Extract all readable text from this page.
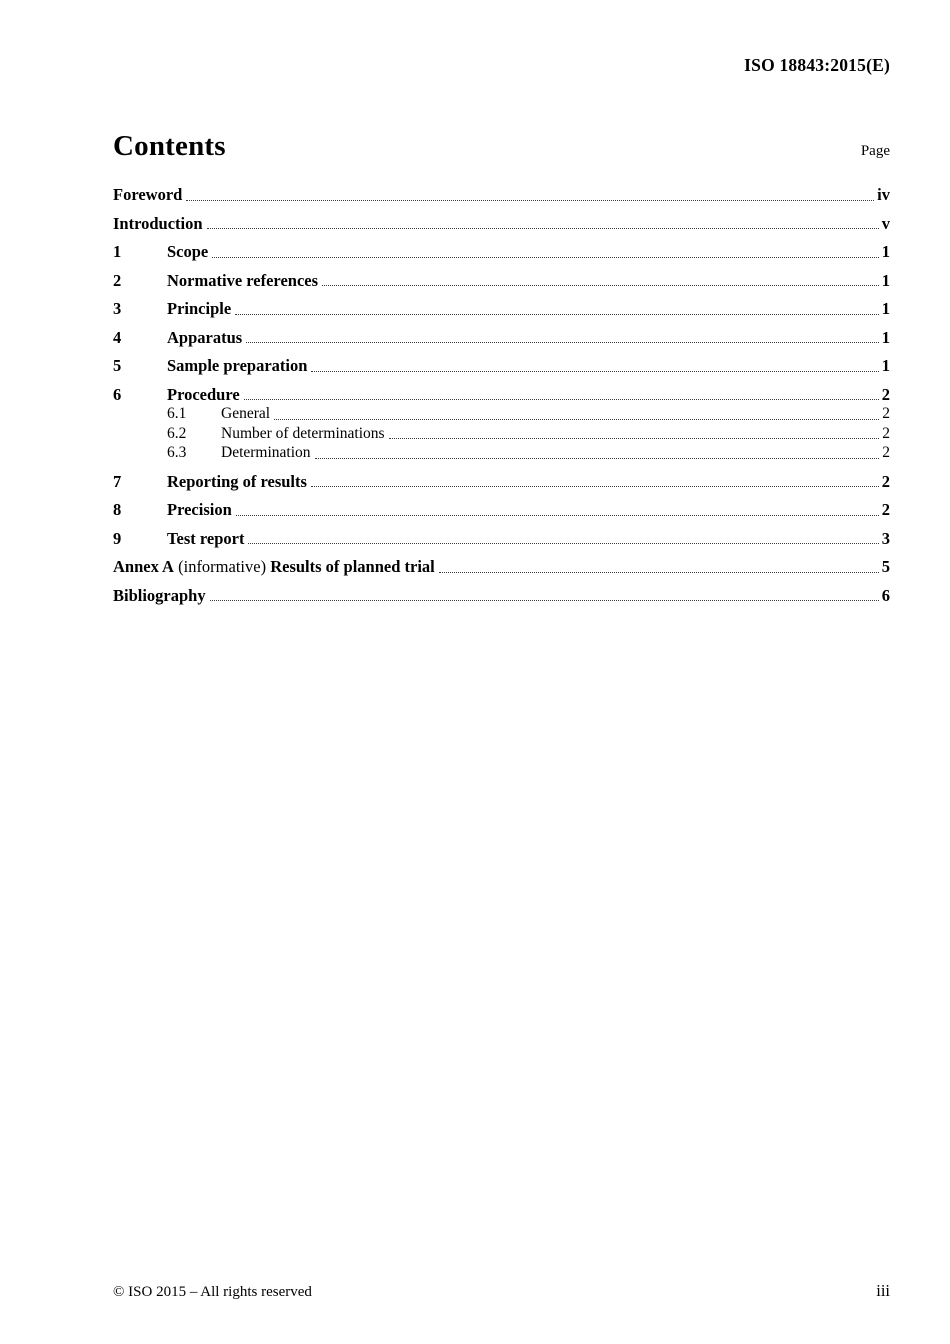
ISO 18843:2015(E)
Contents	Page
Foreword	iv
Introduction	v
1	Scope	1
2	Normative references	1
3	Principle	1
4	Apparatus	1
5	Sample preparation	1
6	Procedure	2
6.1	General	2
6.2	Number of determinations	2
6.3	Determination	2
7	Reporting of results	2
8	Precision	2
9	Test report	3
Annex A (informative) Results of planned trial	5
Bibliography	6
© ISO 2015 – All rights reserved	iii
